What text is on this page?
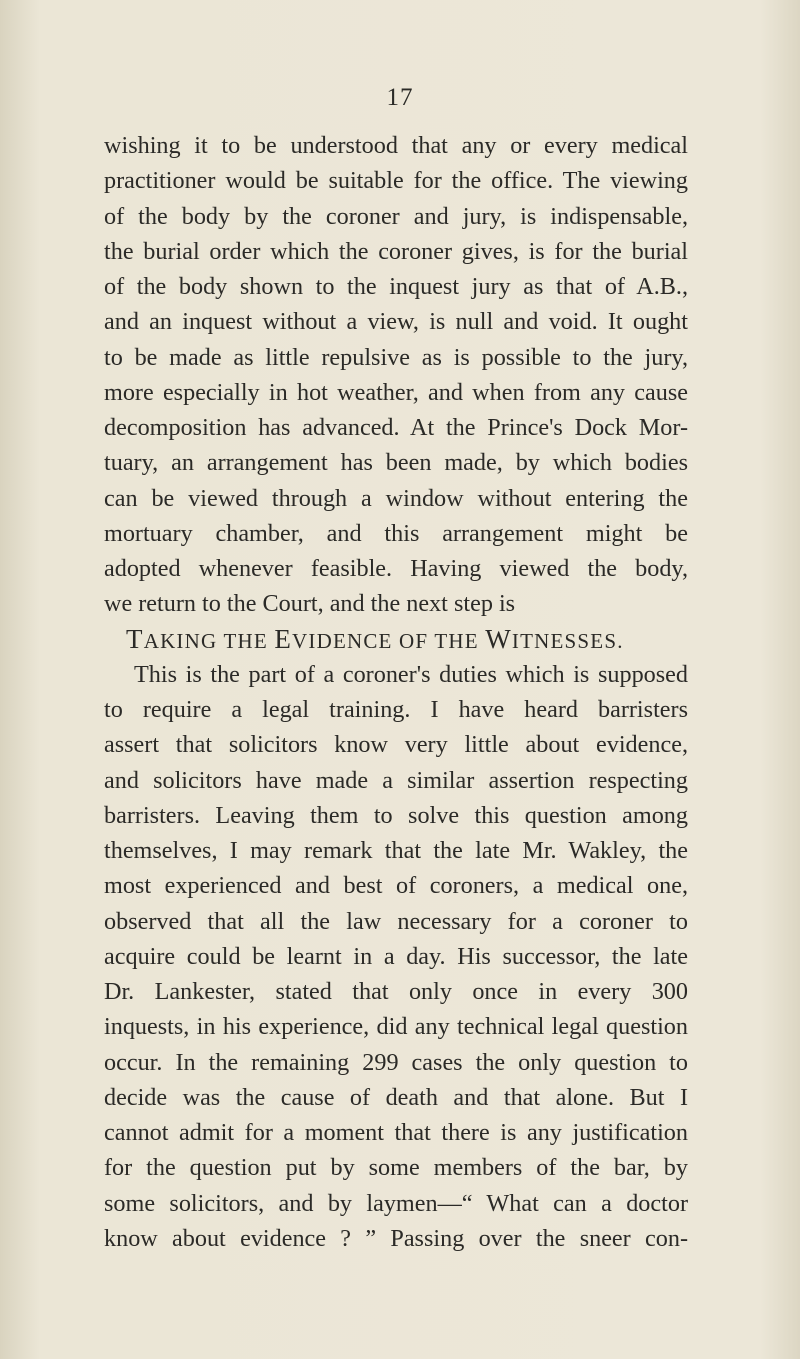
17
wishing it to be understood that any or every medical
practitioner would be suitable for the office. The viewing
of the body by the coroner and jury, is indispensable,
the burial order which the coroner gives, is for the burial
of the body shown to the inquest jury as that of A.B.,
and an inquest without a view, is null and void. It ought
to be made as little repulsive as is possible to the jury,
more especially in hot weather, and when from any cause
decomposition has advanced. At the Prince's Dock Mor-
tuary, an arrangement has been made, by which bodies
can be viewed through a window without entering the
mortuary chamber, and this arrangement might be
adopted whenever feasible. Having viewed the body,
we return to the Court, and the next step is
TAKING THE EVIDENCE OF THE WITNESSES.
This is the part of a coroner's duties which is supposed
to require a legal training. I have heard barristers
assert that solicitors know very little about evidence,
and solicitors have made a similar assertion respecting
barristers. Leaving them to solve this question among
themselves, I may remark that the late Mr. Wakley, the
most experienced and best of coroners, a medical one,
observed that all the law necessary for a coroner to
acquire could be learnt in a day. His successor, the late
Dr. Lankester, stated that only once in every 300
inquests, in his experience, did any technical legal question
occur. In the remaining 299 cases the only question to
decide was the cause of death and that alone. But I
cannot admit for a moment that there is any justification
for the question put by some members of the bar, by
some solicitors, and by laymen—“ What can a doctor
know about evidence ? ” Passing over the sneer con-
